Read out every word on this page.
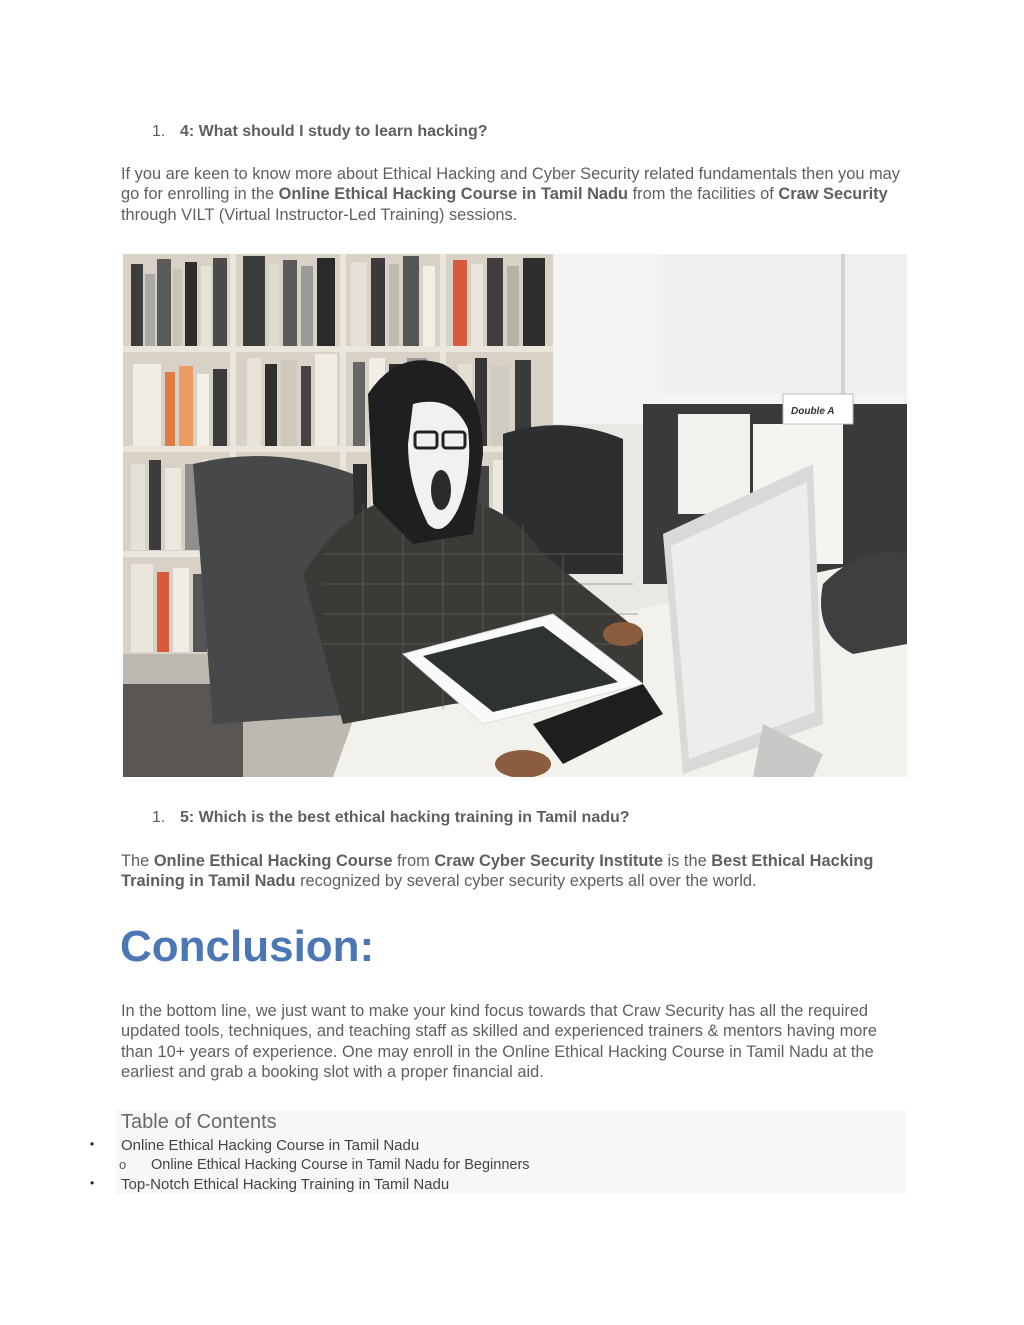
1. 4: What should I study to learn hacking?

If you are keen to know more about Ethical Hacking and Cyber Security related fundamentals then you may go for enrolling in the Online Ethical Hacking Course in Tamil Nadu from the facilities of Craw Security through VILT (Virtual Instructor-Led Training) sessions.

Double A
1. 5: Which is the best ethical hacking training in Tamil nadu?

The Online Ethical Hacking Course from Craw Cyber Security Institute is the Best Ethical Hacking Training in Tamil Nadu recognized by several cyber security experts all over the world.

Conclusion:

In the bottom line, we just want to make your kind focus towards that Craw Security has all the required updated tools, techniques, and teaching staff as skilled and experienced trainers & mentors having more than 10+ years of experience. One may enroll in the Online Ethical Hacking Course in Tamil Nadu at the earliest and grab a booking slot with a proper financial aid.

Table of Contents
• Online Ethical Hacking Course in Tamil Nadu
o Online Ethical Hacking Course in Tamil Nadu for Beginners
• Top-Notch Ethical Hacking Training in Tamil Nadu
